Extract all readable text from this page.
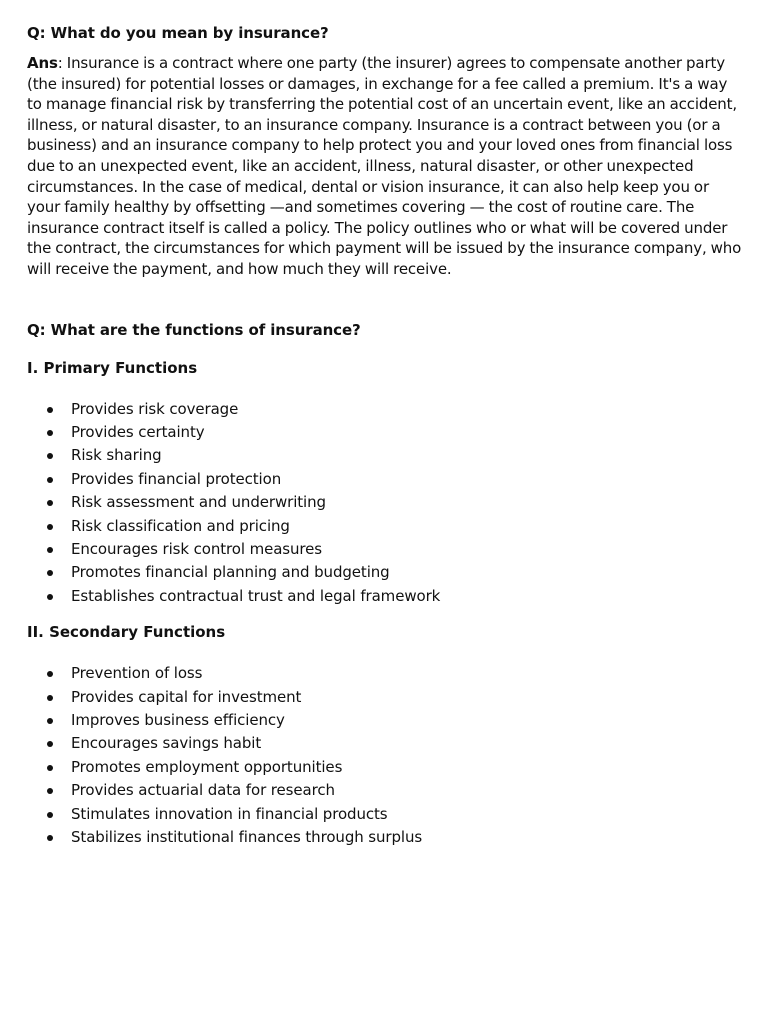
Q: What do you mean by insurance?

Ans: Insurance is a contract where one party (the insurer) agrees to compensate another party (the insured) for potential losses or damages, in exchange for a fee called a premium. It's a way to manage financial risk by transferring the potential cost of an uncertain event, like an accident, illness, or natural disaster, to an insurance company. Insurance is a contract between you (or a business) and an insurance company to help protect you and your loved ones from financial loss due to an unexpected event, like an accident, illness, natural disaster, or other unexpected circumstances. In the case of medical, dental or vision insurance, it can also help keep you or your family healthy by offsetting —and sometimes covering — the cost of routine care. The insurance contract itself is called a policy. The policy outlines who or what will be covered under the contract, the circumstances for which payment will be issued by the insurance company, who will receive the payment, and how much they will receive.

Q: What are the functions of insurance?

I. Primary Functions

Provides risk coverage
Provides certainty
Risk sharing
Provides financial protection
Risk assessment and underwriting
Risk classification and pricing
Encourages risk control measures
Promotes financial planning and budgeting
Establishes contractual trust and legal framework

II. Secondary Functions

Prevention of loss
Provides capital for investment
Improves business efficiency
Encourages savings habit
Promotes employment opportunities
Provides actuarial data for research
Stimulates innovation in financial products
Stabilizes institutional finances through surplus
